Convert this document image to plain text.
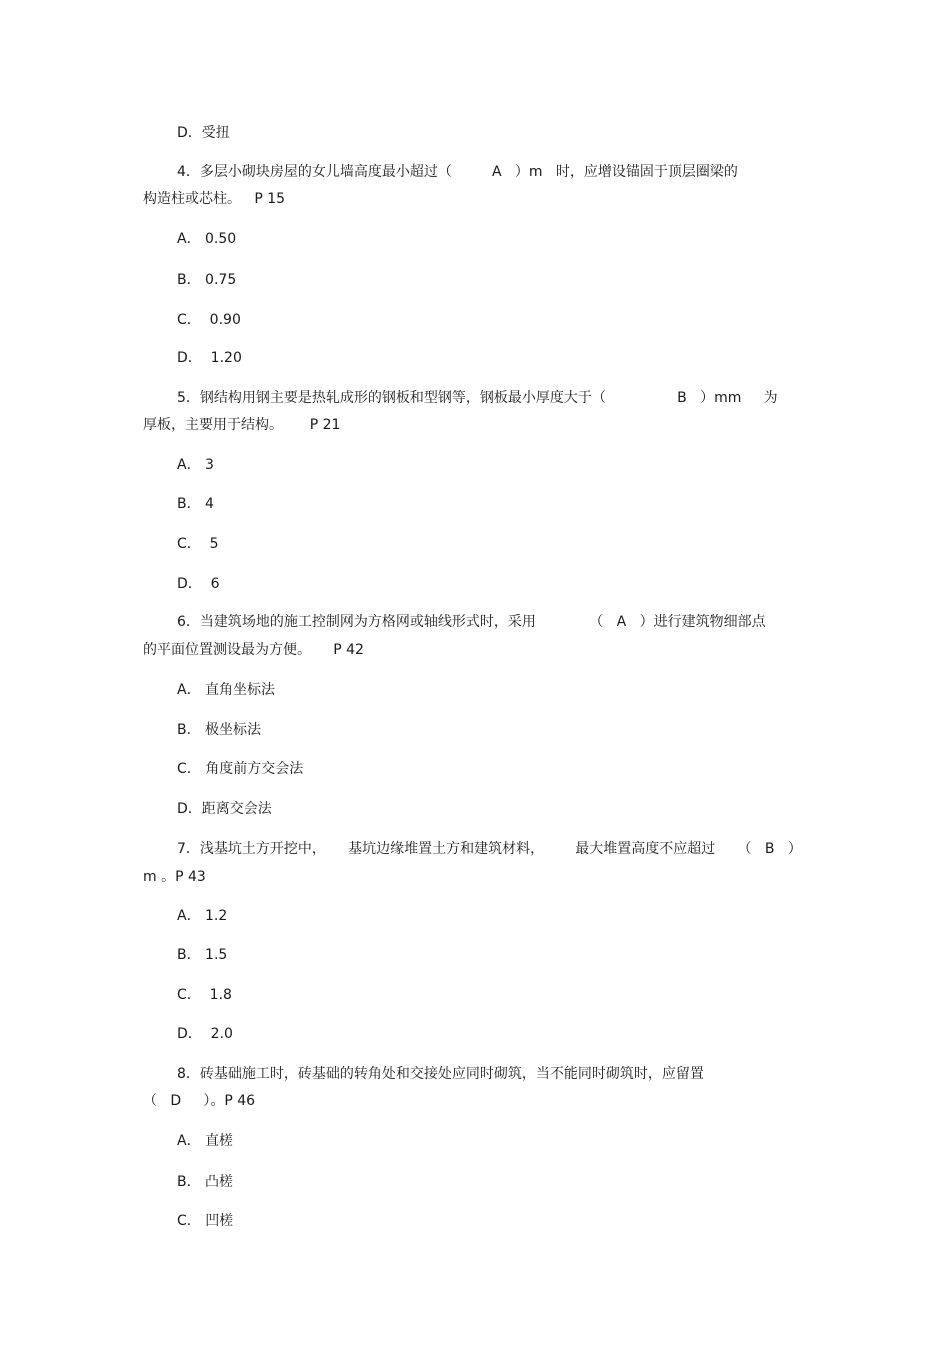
D．受扭
4．多层小砌块房屋的女儿墙高度最小超过（         A   ）m   时，应增设锚固于顶层圈梁的
构造柱或芯柱。   P 15
A． 0.50
B． 0.75
C．  0.90
D．  1.20
5．钢结构用钢主要是热轧成形的钢板和型钢等，钢板最小厚度大于（                B   ）mm     为
厚板，主要用于结构。      P 21
A． 3
B． 4
C．  5
D．  6
6．当建筑场地的施工控制网为方格网或轴线形式时，采用            （   A   ）进行建筑物细部点
的平面位置测设最为方便。     P 42
A． 直角坐标法
B． 极坐标法
C． 角度前方交会法
D．距离交会法
7．浅基坑土方开挖中，     基坑边缘堆置土方和建筑材料，       最大堆置高度不应超过     （   B   ）
m 。P 43
A． 1.2
B． 1.5
C．  1.8
D．  2.0
8．砖基础施工时，砖基础的转角处和交接处应同时砌筑，当不能同时砌筑时，应留置
（   D     ）。P 46
A． 直槎
B． 凸槎
C． 凹槎
